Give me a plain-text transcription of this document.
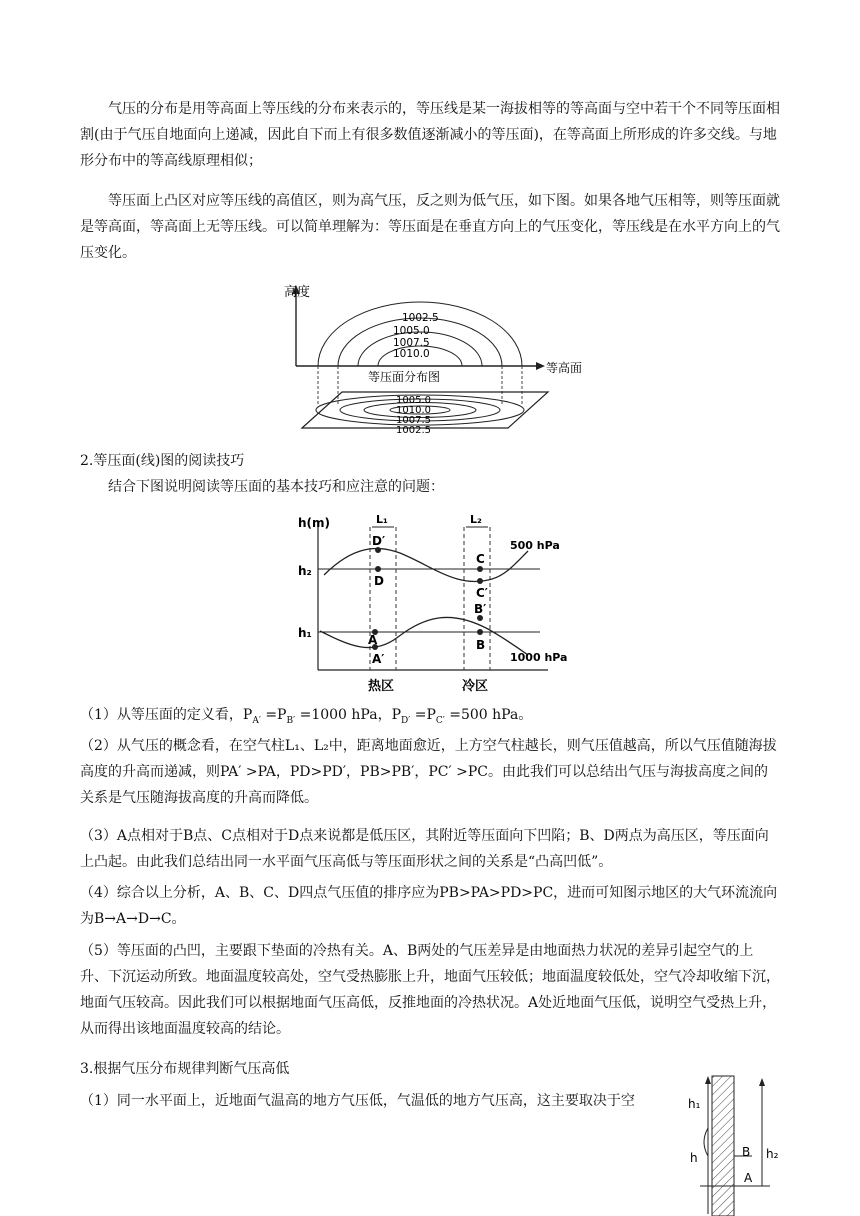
气压的分布是用等高面上等压线的分布来表示的，等压线是某一海拔相等的等高面与空中若干个不同等压面相割(由于气压自地面向上递减，因此自下而上有很多数值逐渐减小的等压面)，在等高面上所形成的许多交线。与地形分布中的等高线原理相似；

等压面上凸区对应等压线的高值区，则为高气压，反之则为低气压，如下图。如果各地气压相等，则等压面就是等高面，等高面上无等压线。可以简单理解为：等压面是在垂直方向上的气压变化，等压线是在水平方向上的气压变化。

高度
等高面
1002.5
1005.0
1007.5
1010.0
等压面分布图
1005.0
1010.0
1007.5
1002.5

2.等压面(线)图的阅读技巧

结合下图说明阅读等压面的基本技巧和应注意的问题：

h(m)
h₂
h₁
L₁	L₂
D′
D
C
C′
B′
B
A
A′
500 hPa
1000 hPa
热区	冷区

（1）从等压面的定义看，$P_{A'} =P_{B'} =1000$ hPa，$P_{D'} =P_{C'} =500$ hPa。

（2）从气压的概念看，在空气柱L₁、L₂中，距离地面愈近，上方空气柱越长，则气压值越高，所以气压值随海拔高度的升高而递减，则PA′ >PA，PD>PD′，PB>PB′，PC′ >PC。由此我们可以总结出气压与海拔高度之间的关系是气压随海拔高度的升高而降低。

（3）A点相对于B点、C点相对于D点来说都是低压区，其附近等压面向下凹陷；B、D两点为高压区，等压面向上凸起。由此我们总结出同一水平面气压高低与等压面形状之间的关系是“凸高凹低”。

（4）综合以上分析，A、B、C、D四点气压值的排序应为PB>PA>PD>PC，进而可知图示地区的大气环流流向为B→A→D→C。

（5）等压面的凸凹，主要跟下垫面的冷热有关。A、B两处的气压差异是由地面热力状况的差异引起空气的上升、下沉运动所致。地面温度较高处，空气受热膨胀上升，地面气压较低；地面温度较低处，空气冷却收缩下沉，地面气压较高。因此我们可以根据地面气压高低，反推地面的冷热状况。A处近地面气压低，说明空气受热上升，从而得出该地面温度较高的结论。

3.根据气压分布规律判断气压高低

（1）同一水平面上，近地面气温高的地方气压低，气温低的地方气压高，这主要取决于空	h₁
h	B
A
h₂
